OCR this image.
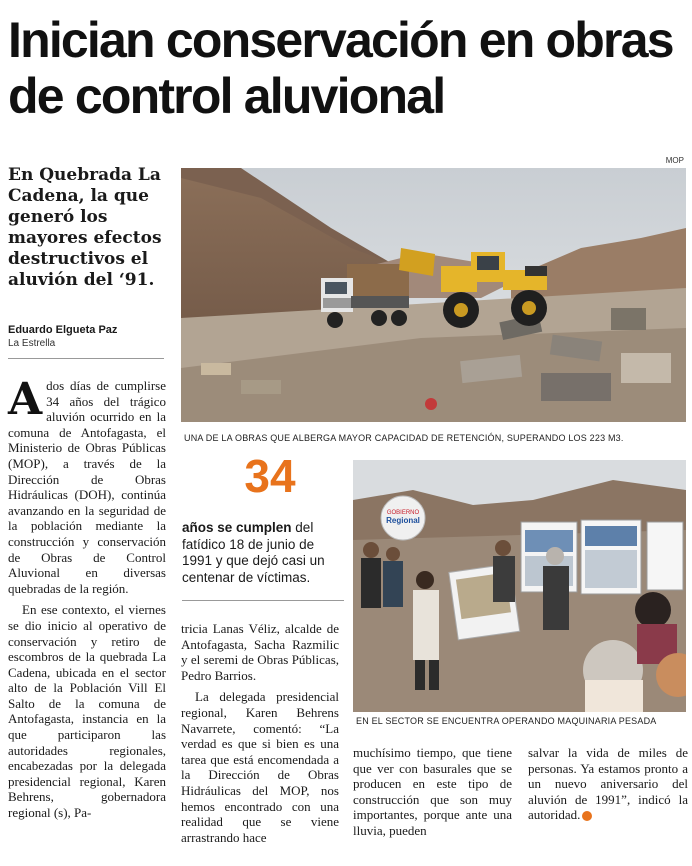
Inician conservación en obras de control aluvional
MOP
En Quebrada La Cadena, la que generó los mayores efectos destructivos el aluvión del ‘91.
Eduardo Elgueta Paz
La Estrella
UNA DE LA OBRAS QUE ALBERGA MAYOR CAPACIDAD DE RETENCIÓN, SUPERANDO LOS 223 M3.
34
años se cumplen del fatídico 18 de junio de 1991 y que dejó casi un centenar de víctimas.
GOBIERNO
Regional
EN EL SECTOR SE ENCUENTRA OPERANDO MAQUINARIA PESADA

Ados días de cumplirse 34 años del trágico aluvión ocurrido en la comuna de Antofagasta, el Ministerio de Obras Públicas (MOP), a través de la Dirección de Obras Hidráulicas (DOH), continúa avanzando en la seguridad de la población mediante la construcción y conservación de Obras de Control Aluvional en diversas quebradas de la región.

En ese contexto, el viernes se dio inicio al operativo de conservación y retiro de escombros de la quebrada La Cadena, ubicada en el sector alto de la Población Vill El Salto de la comuna de Antofagasta, instancia en la que participaron las autoridades regionales, encabezadas por la delegada presidencial regional, Karen Behrens, gobernadora regional (s), Pa-

tricia Lanas Véliz, alcalde de Antofagasta, Sacha Razmilic y el seremi de Obras Públicas, Pedro Barrios.

La delegada presidencial regional, Karen Behrens Navarrete, comentó: “La verdad es que si bien es una tarea que está encomendada a la Dirección de Obras Hidráulicas del MOP, nos hemos encontrado con una realidad que se viene arrastrando hace

muchísimo tiempo, que tiene que ver con basurales que se producen en este tipo de construcción que son muy importantes, porque ante una lluvia, pueden

salvar la vida de miles de personas. Ya estamos pronto a un nuevo aniversario del aluvión de 1991”, indicó la autoridad.
